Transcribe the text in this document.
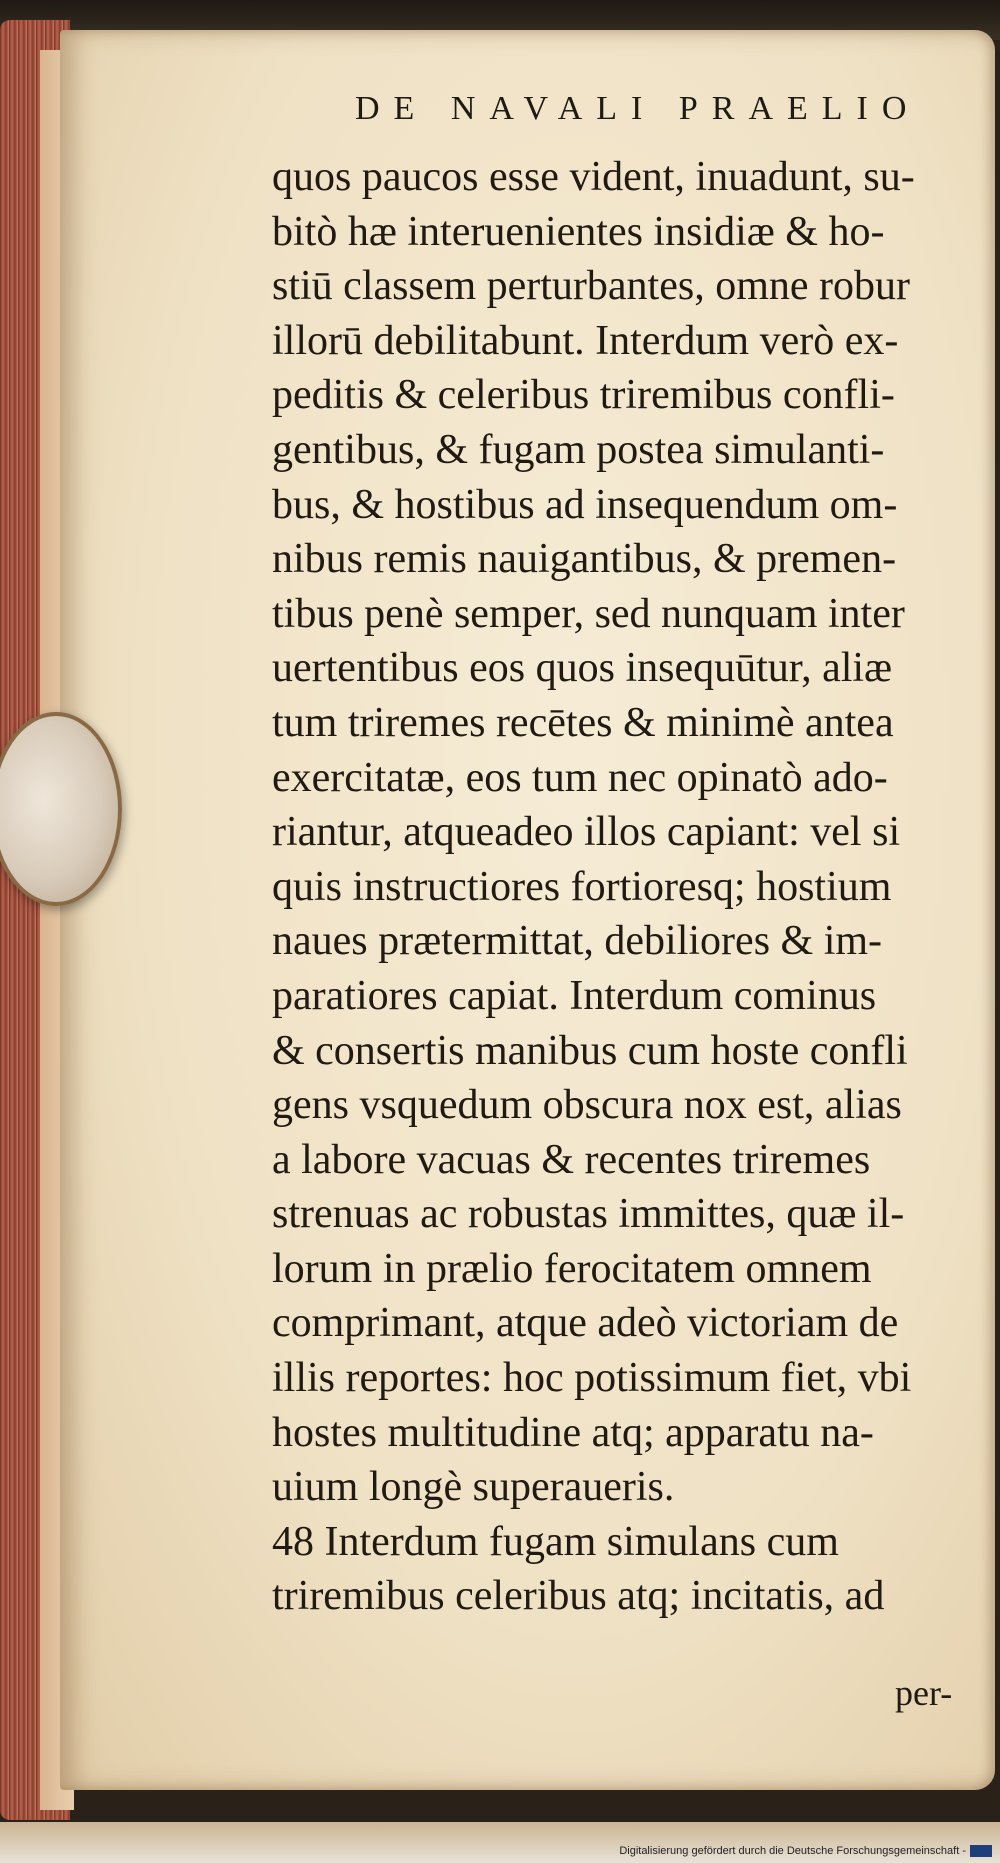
DE NAVALI PRAELIO
quos paucos esse vident, inuadunt, su-
bitò hæ interuenientes insidiæ & ho-
stiū classem perturbantes, omne robur
illorū debilitabunt. Interdum verò ex-
peditis & celeribus triremibus confli-
gentibus, & fugam postea simulanti-
bus, & hostibus ad insequendum om-
nibus remis nauigantibus, & premen-
tibus penè semper, sed nunquam inter
uertentibus eos quos insequūtur, aliæ
tum triremes recētes & minimè antea
exercitatæ, eos tum nec opinatò ado-
riantur, atqueadeo illos capiant: vel si
quis instructiores fortioresq; hostium
naues prætermittat, debiliores & im-
paratiores capiat. Interdum cominus
& consertis manibus cum hoste confli
gens vsquedum obscura nox est, alias
a labore vacuas & recentes triremes
strenuas ac robustas immittes, quæ il-
lorum in prælio ferocitatem omnem
comprimant, atque adeò victoriam de
illis reportes: hoc potissimum fiet, vbi
hostes multitudine atq; apparatu na-
uium longè superaueris.
48 Interdum fugam simulans cum
triremibus celeribus atq; incitatis, ad
per-
Digitalisierung gefördert durch die Deutsche Forschungsgemeinschaft -
